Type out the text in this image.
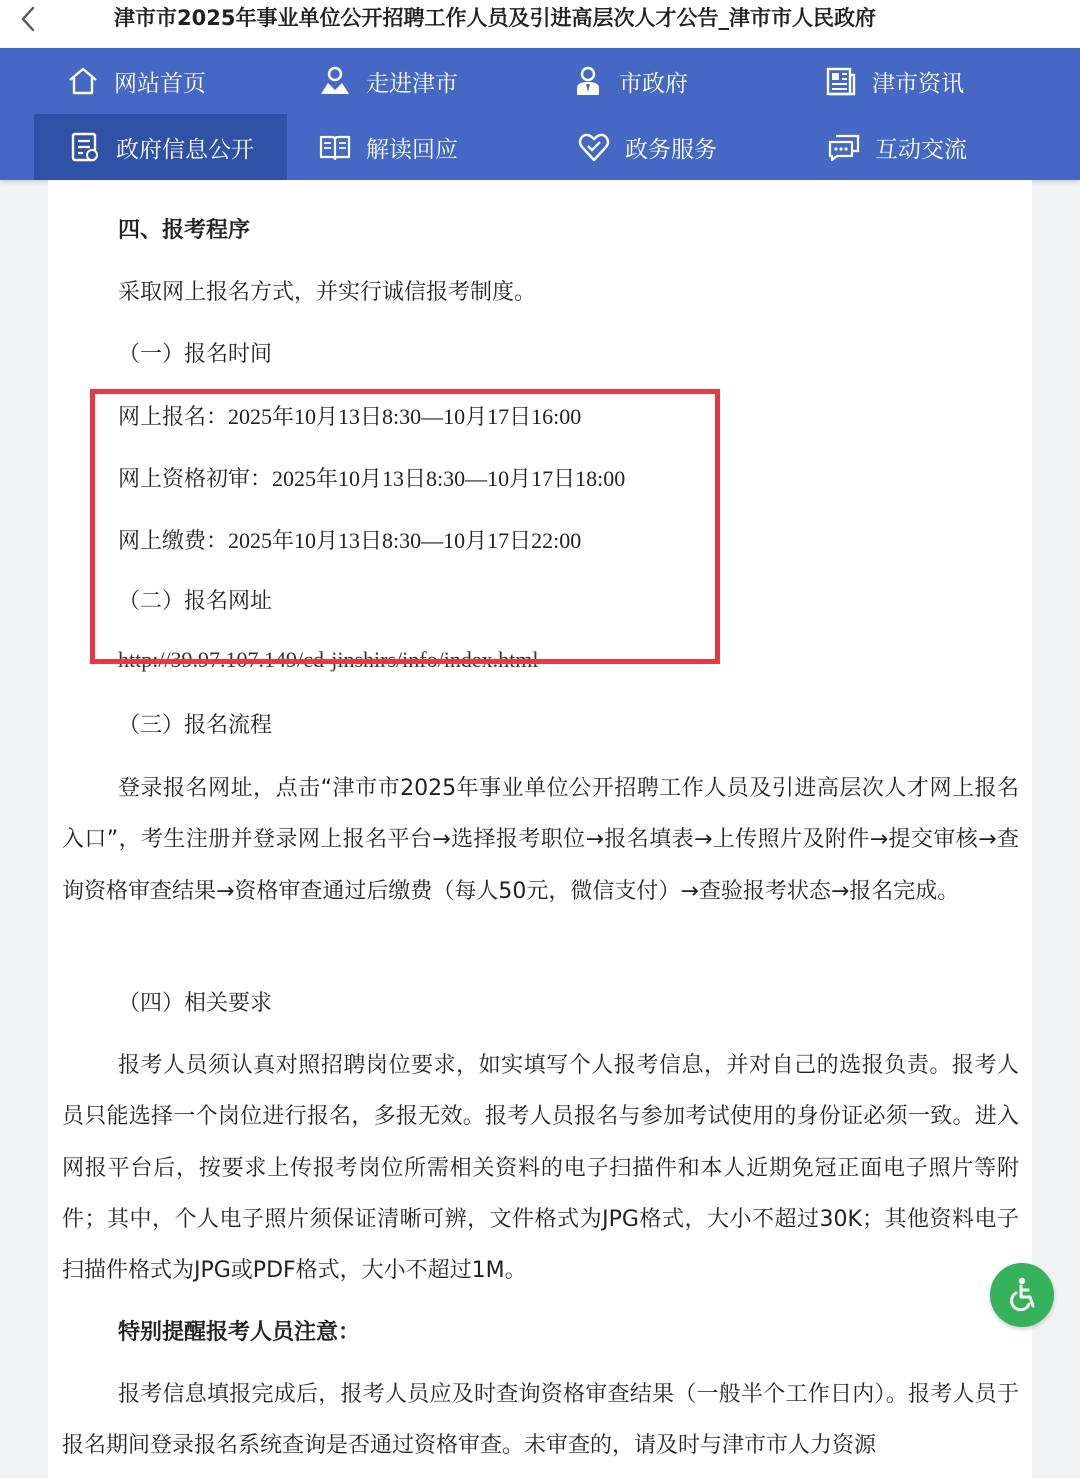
津市市2025年事业单位公开招聘工作人员及引进高层次人才公告_津市市人民政府
网站首页	走进津市	市政府	津市资讯
政府信息公开	解读回应	政务服务	互动交流
四、报考程序
采取网上报名方式，并实行诚信报考制度。
（一）报名时间
网上报名：2025年10月13日8:30—10月17日16:00
网上资格初审：2025年10月13日8:30—10月17日18:00
网上缴费：2025年10月13日8:30—10月17日22:00
（二）报名网址
http://39.97.107.149/cd-jinshirs/info/index.html
（三）报名流程
登录报名网址，点击“津市市2025年事业单位公开招聘工作人员及引进高层次人才网上报名入口”，考生注册并登录网上报名平台→选择报考职位→报名填表→上传照片及附件→提交审核→查询资格审查结果→资格审查通过后缴费（每人50元，微信支付）→查验报考状态→报名完成。
（四）相关要求
报考人员须认真对照招聘岗位要求，如实填写个人报考信息，并对自己的选报负责。报考人员只能选择一个岗位进行报名，多报无效。报考人员报名与参加考试使用的身份证必须一致。进入网报平台后，按要求上传报考岗位所需相关资料的电子扫描件和本人近期免冠正面电子照片等附件；其中，个人电子照片须保证清晰可辨，文件格式为JPG格式，大小不超过30K；其他资料电子扫描件格式为JPG或PDF格式，大小不超过1M。
特别提醒报考人员注意：
报考信息填报完成后，报考人员应及时查询资格审查结果（一般半个工作日内）。报考人员于报名期间登录报名系统查询是否通过资格审查。未审查的，请及时与津市市人力资源
